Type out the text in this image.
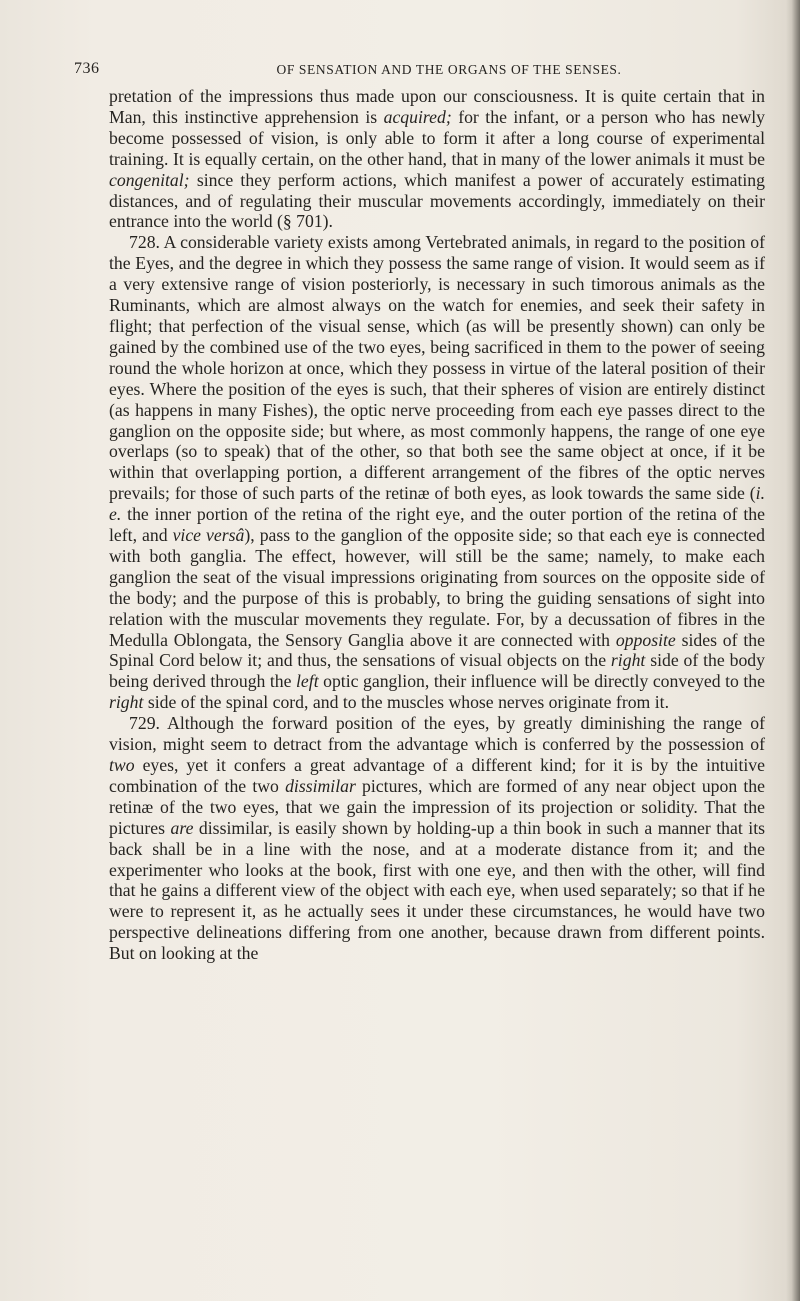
736	OF SENSATION AND THE ORGANS OF THE SENSES.

pretation of the impressions thus made upon our consciousness. It is quite certain that in Man, this instinctive apprehension is acquired; for the infant, or a person who has newly become possessed of vision, is only able to form it after a long course of experimental training. It is equally certain, on the other hand, that in many of the lower animals it must be congenital; since they perform actions, which manifest a power of accurately estimating distances, and of regulating their muscular movements accordingly, immediately on their entrance into the world (§ 701).

728. A considerable variety exists among Vertebrated animals, in regard to the position of the Eyes, and the degree in which they possess the same range of vision. It would seem as if a very extensive range of vision posteriorly, is necessary in such timorous animals as the Ruminants, which are almost always on the watch for enemies, and seek their safety in flight; that perfection of the visual sense, which (as will be presently shown) can only be gained by the combined use of the two eyes, being sacrificed in them to the power of seeing round the whole horizon at once, which they possess in virtue of the lateral position of their eyes. Where the position of the eyes is such, that their spheres of vision are entirely distinct (as happens in many Fishes), the optic nerve proceeding from each eye passes direct to the ganglion on the opposite side; but where, as most commonly happens, the range of one eye overlaps (so to speak) that of the other, so that both see the same object at once, if it be within that overlapping portion, a different arrangement of the fibres of the optic nerves prevails; for those of such parts of the retinæ of both eyes, as look towards the same side (i. e. the inner portion of the retina of the right eye, and the outer portion of the retina of the left, and vice versâ), pass to the ganglion of the opposite side; so that each eye is connected with both ganglia. The effect, however, will still be the same; namely, to make each ganglion the seat of the visual impressions originating from sources on the opposite side of the body; and the purpose of this is probably, to bring the guiding sensations of sight into relation with the muscular movements they regulate. For, by a decussation of fibres in the Medulla Oblongata, the Sensory Ganglia above it are connected with opposite sides of the Spinal Cord below it; and thus, the sensations of visual objects on the right side of the body being derived through the left optic ganglion, their influence will be directly conveyed to the right side of the spinal cord, and to the muscles whose nerves originate from it.

729. Although the forward position of the eyes, by greatly diminishing the range of vision, might seem to detract from the advantage which is conferred by the possession of two eyes, yet it confers a great advantage of a different kind; for it is by the intuitive combination of the two dissimilar pictures, which are formed of any near object upon the retinæ of the two eyes, that we gain the impression of its projection or solidity. That the pictures are dissimilar, is easily shown by holding-up a thin book in such a manner that its back shall be in a line with the nose, and at a moderate distance from it; and the experimenter who looks at the book, first with one eye, and then with the other, will find that he gains a different view of the object with each eye, when used separately; so that if he were to represent it, as he actually sees it under these circumstances, he would have two perspective delineations differing from one another, because drawn from different points. But on looking at the
